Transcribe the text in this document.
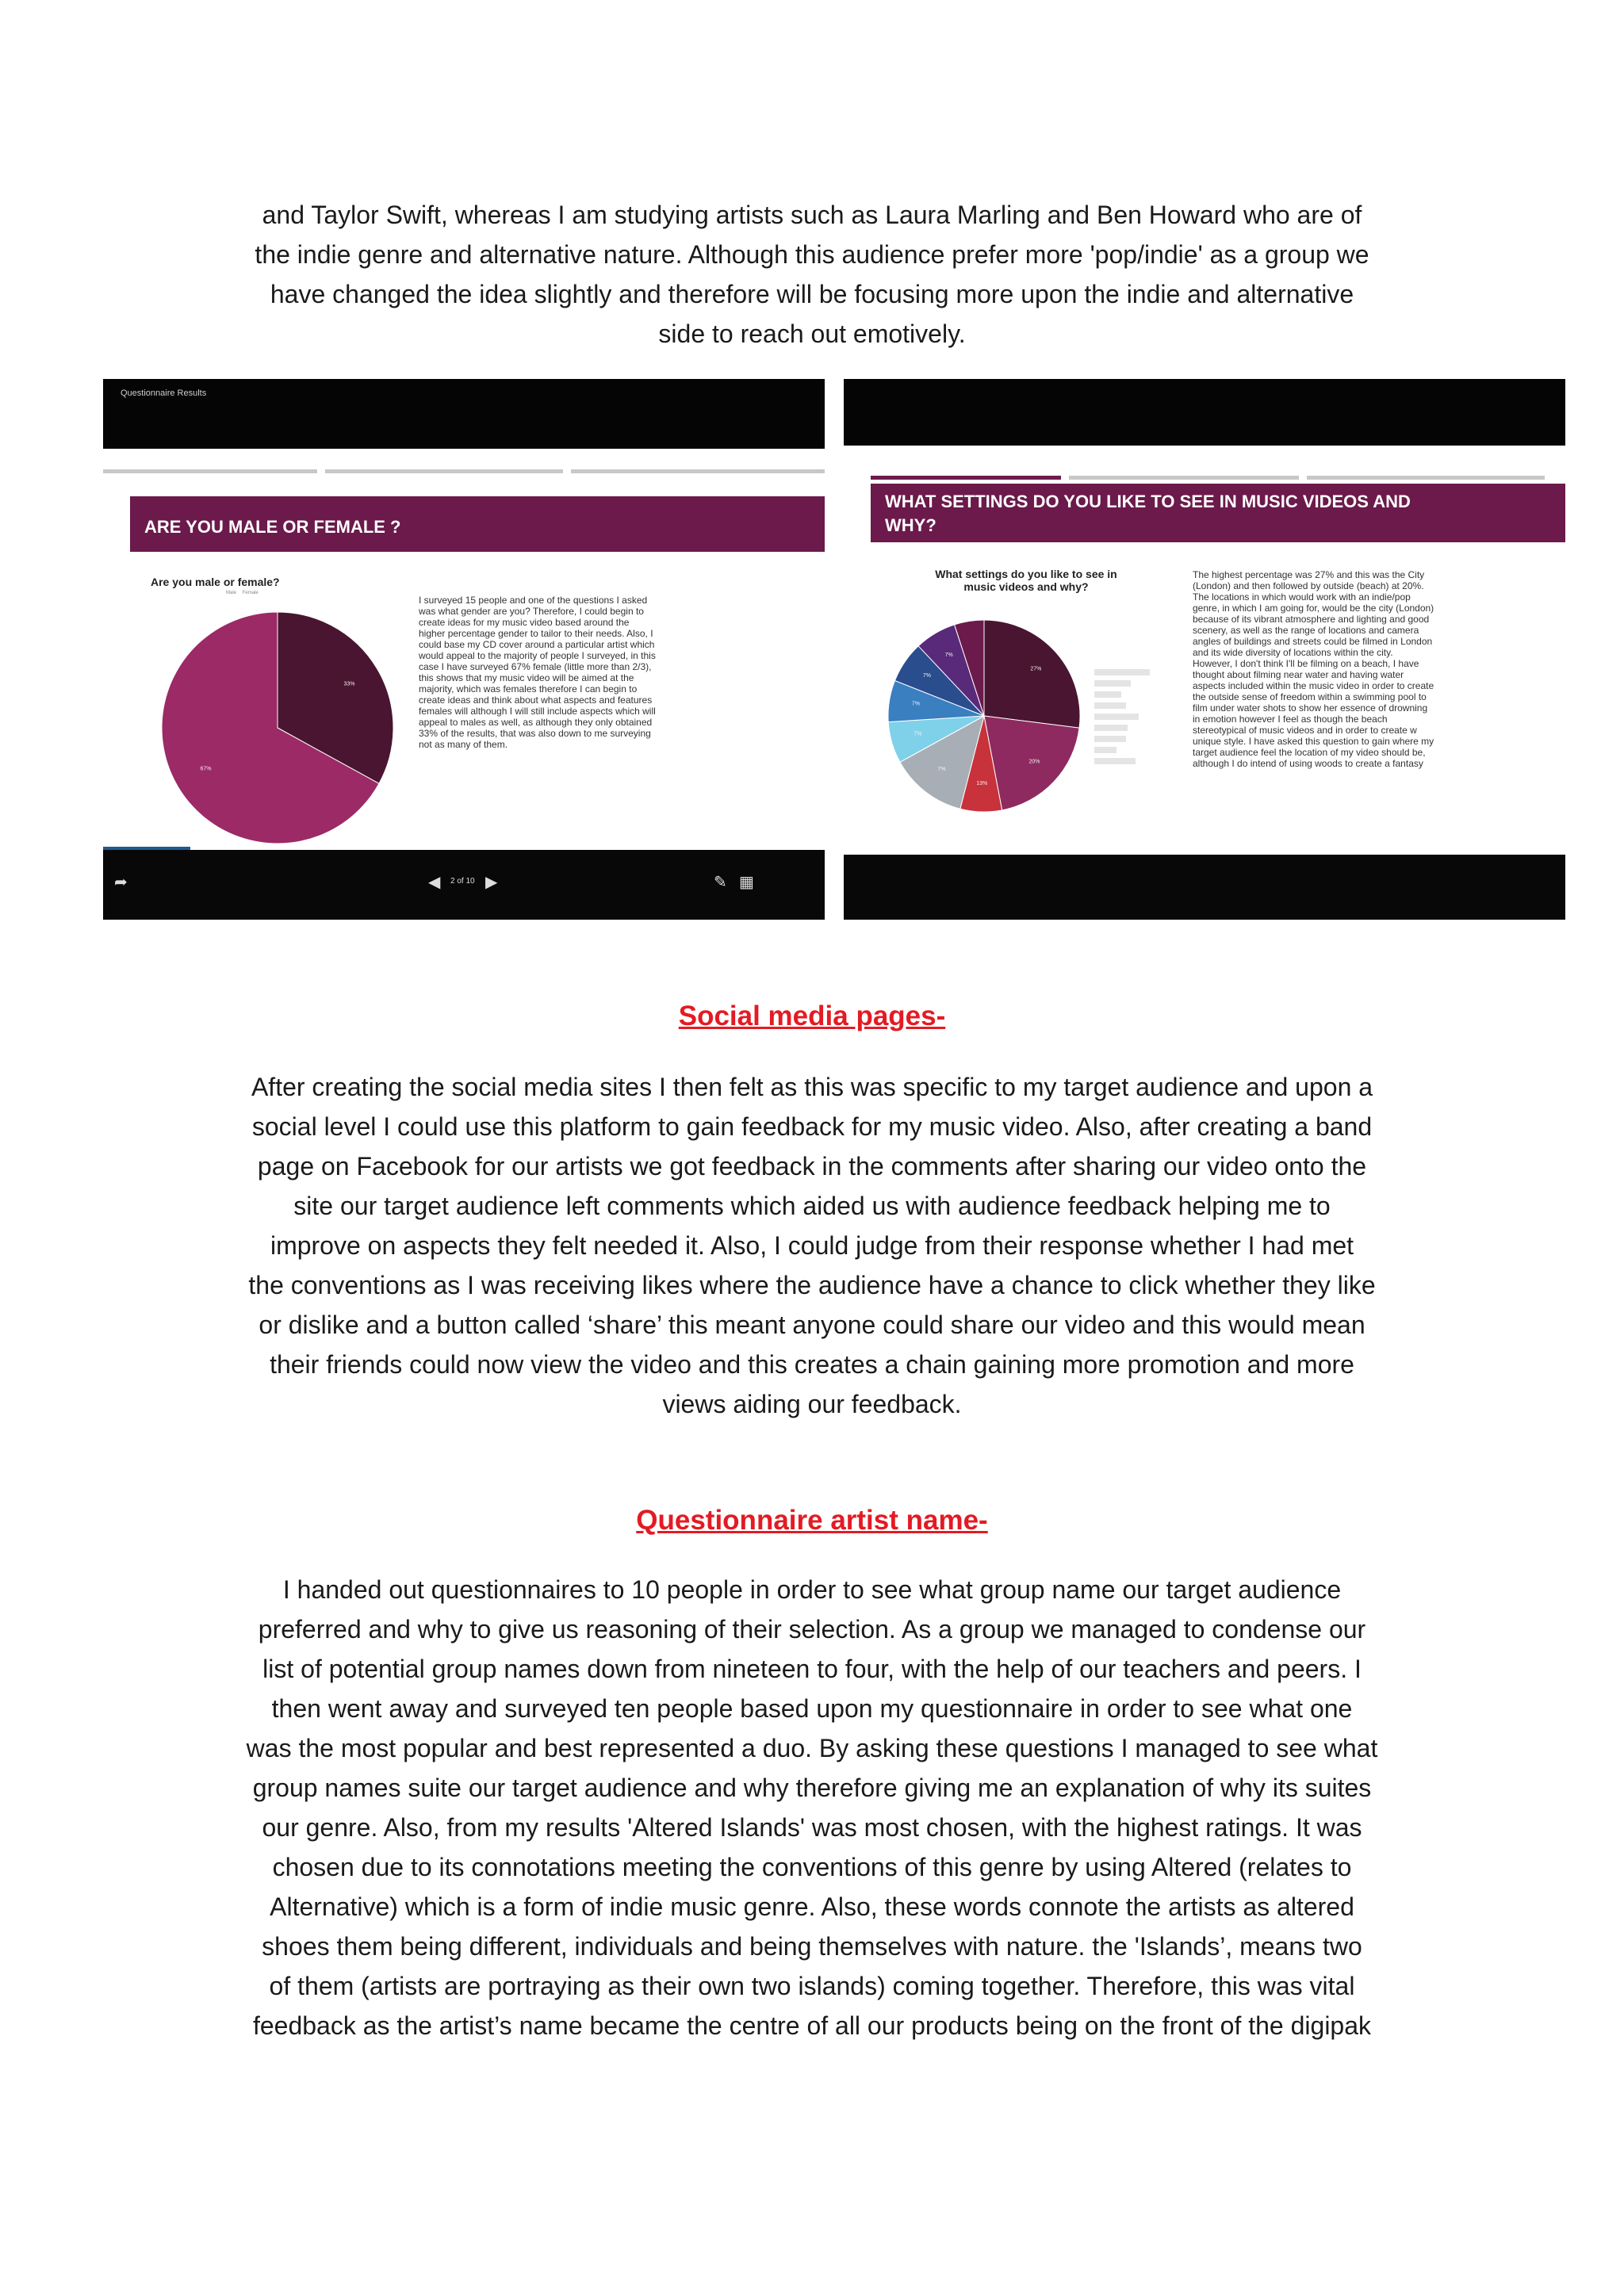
and Taylor Swift, whereas I am studying artists such as Laura Marling and Ben Howard who are of
the indie genre and alternative nature. Although this audience prefer more 'pop/indie' as a group we
have changed the idea slightly and therefore will be focusing more upon the indie and alternative
side to reach out emotively.
Questionnaire Results
ARE YOU MALE OR FEMALE ?
Are you male or female?
Male Female
33%
67%
I surveyed 15 people and one of the questions I asked
was what gender are you? Therefore, I could begin to
create ideas for my music video based around the
higher percentage gender to tailor to their needs. Also, I
could base my CD cover around a particular artist which
would appeal to the majority of people I surveyed, in this
case I have surveyed 67% female (little more than 2/3),
this shows that my music video will be aimed at the
majority, which was females therefore I can begin to
create ideas and think about what aspects and features
females will although I will still include aspects which will
appeal to males as well, as although they only obtained
33% of the results, that was also down to me surveying
not as many of them.
➦	◀ 2 of 10 ▶	✎ ▦
WHAT SETTINGS DO YOU LIKE TO SEE IN MUSIC VIDEOS AND
WHY?
What settings do you like to see in
music videos and why?
27%
20%
13%
7%
7%
7%
7%
7%
The highest percentage was 27% and this was the City
(London) and then followed by outside (beach) at 20%.
The locations in which would work with an indie/pop
genre, in which I am going for, would be the city (London)
because of its vibrant atmosphere and lighting and good
scenery, as well as the range of locations and camera
angles of buildings and streets could be filmed in London
and its wide diversity of locations within the city.
However, I don't think I'll be filming on a beach, I have
thought about filming near water and having water
aspects included within the music video in order to create
the outside sense of freedom within a swimming pool to
film under water shots to show her essence of drowning
in emotion however I feel as though the beach
stereotypical of music videos and in order to create w
unique style. I have asked this question to gain where my
target audience feel the location of my video should be,
although I do intend of using woods to create a fantasy
Social media pages-
After creating the social media sites I then felt as this was specific to my target audience and upon a
social level I could use this platform to gain feedback for my music video. Also, after creating a band
page on Facebook for our artists we got feedback in the comments after sharing our video onto the
site our target audience left comments which aided us with audience feedback helping me to
improve on aspects they felt needed it. Also, I could judge from their response whether I had met
the conventions as I was receiving likes where the audience have a chance to click whether they like
or dislike and a button called ‘share’ this meant anyone could share our video and this would mean
their friends could now view the video and this creates a chain gaining more promotion and more
views aiding our feedback.
Questionnaire artist name-
I handed out questionnaires to 10 people in order to see what group name our target audience
preferred and why to give us reasoning of their selection. As a group we managed to condense our
list of potential group names down from nineteen to four, with the help of our teachers and peers. I
then went away and surveyed ten people based upon my questionnaire in order to see what one
was the most popular and best represented a duo. By asking these questions I managed to see what
group names suite our target audience and why therefore giving me an explanation of why its suites
our genre. Also, from my results 'Altered Islands' was most chosen, with the highest ratings. It was
chosen due to its connotations meeting the conventions of this genre by using Altered (relates to
Alternative) which is a form of indie music genre. Also, these words connote the artists as altered
shoes them being different, individuals and being themselves with nature. the 'Islands’, means two
of them (artists are portraying as their own two islands) coming together. Therefore, this was vital
feedback as the artist’s name became the centre of all our products being on the front of the digipak
